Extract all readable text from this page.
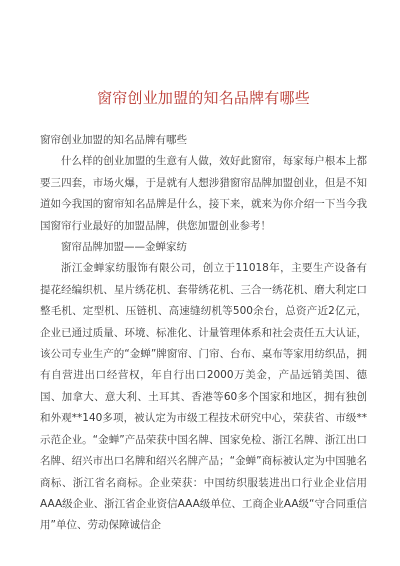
窗帘创业加盟的知名品牌有哪些

窗帘创业加盟的知名品牌有哪些

什么样的创业加盟的生意有人做，效好此窗帘，每家每户根本上都要三四套，市场火爆，于是就有人想涉猎窗帘品牌加盟创业，但是不知道如今我国的窗帘知名品牌是什么，接下来，就来为你介绍一下当今我国窗帘行业最好的加盟品牌，供您加盟创业参考！

窗帘品牌加盟——金蝉家纺

浙江金蝉家纺服饰有限公司，创立于11018年，主要生产设备有提花经编织机、星片绣花机、套带绣花机、三合一绣花机、磨大利定口整毛机、定型机、压链机、高速缝纫机等500余台，总资产近2亿元，企业已通过质量、环境、标准化、计量管理体系和社会责任五大认证，该公司专业生产的“金蝉”牌窗帘、门帘、台布、桌布等家用纺织品，拥有自营进出口经营权，年自行出口2000万美金，产品远销美国、德国、加拿大、意大利、土耳其、香港等60多个国家和地区，拥有独创和外观**140多项，被认定为市级工程技术研究中心，荣获省、市级**示范企业。“金蝉”产品荣获中国名牌、国家免检、浙江名牌、浙江出口名牌、绍兴市出口名牌和绍兴名牌产品；“金蝉”商标被认定为中国驰名商标、浙江省名商标。企业荣获：中国纺织服装进出口行业企业信用AAA级企业、浙江省企业资信AAA级单位、工商企业AA级“守合同重信用”单位、劳动保障诚信企
